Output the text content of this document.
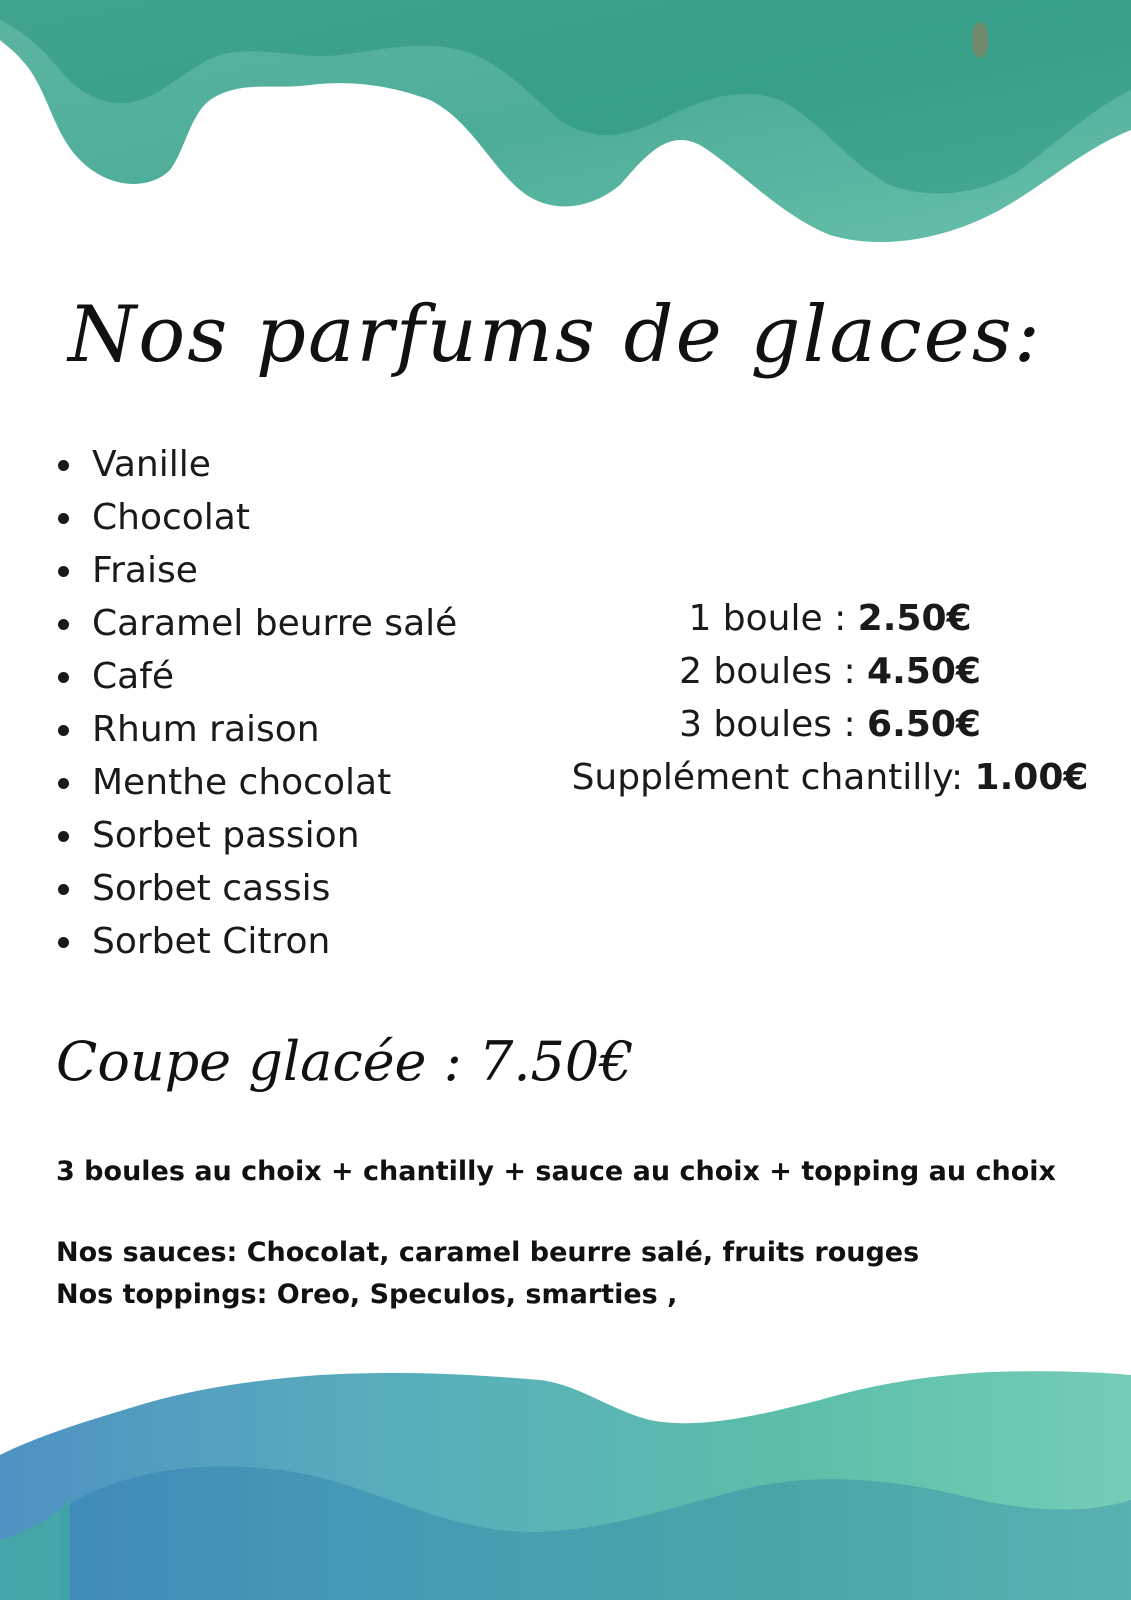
Nos parfums de glaces:
Vanille
Chocolat
Fraise
Caramel beurre salé
Café
Rhum raison
Menthe chocolat
Sorbet passion
Sorbet cassis
Sorbet Citron
1 boule : 2.50€
2 boules : 4.50€
3 boules : 6.50€
Supplément chantilly: 1.00€
Coupe glacée : 7.50€

3 boules au choix + chantilly + sauce au choix + topping au choix

Nos sauces: Chocolat, caramel beurre salé, fruits rouges

Nos toppings: Oreo, Speculos, smarties ,
